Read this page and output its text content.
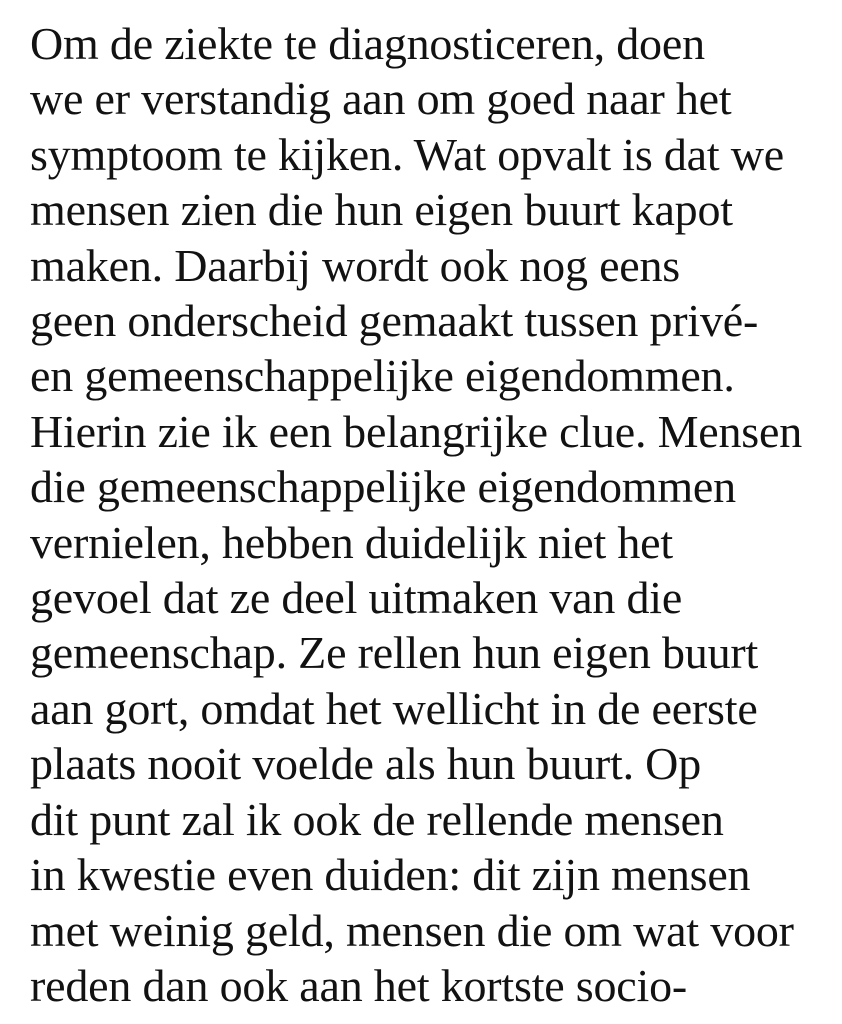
Om de ziekte te diagnosticeren, doen
we er verstandig aan om goed naar het
symptoom te kijken. Wat opvalt is dat we
mensen zien die hun eigen buurt kapot
maken. Daarbij wordt ook nog eens
geen onderscheid gemaakt tussen privé-
en gemeenschappelijke eigendommen.
Hierin zie ik een belangrijke clue. Mensen
die gemeenschappelijke eigendommen
vernielen, hebben duidelijk niet het
gevoel dat ze deel uitmaken van die
gemeenschap. Ze rellen hun eigen buurt
aan gort, omdat het wellicht in de eerste
plaats nooit voelde als hun buurt. Op
dit punt zal ik ook de rellende mensen
in kwestie even duiden: dit zijn mensen
met weinig geld, mensen die om wat voor
reden dan ook aan het kortste socio-
